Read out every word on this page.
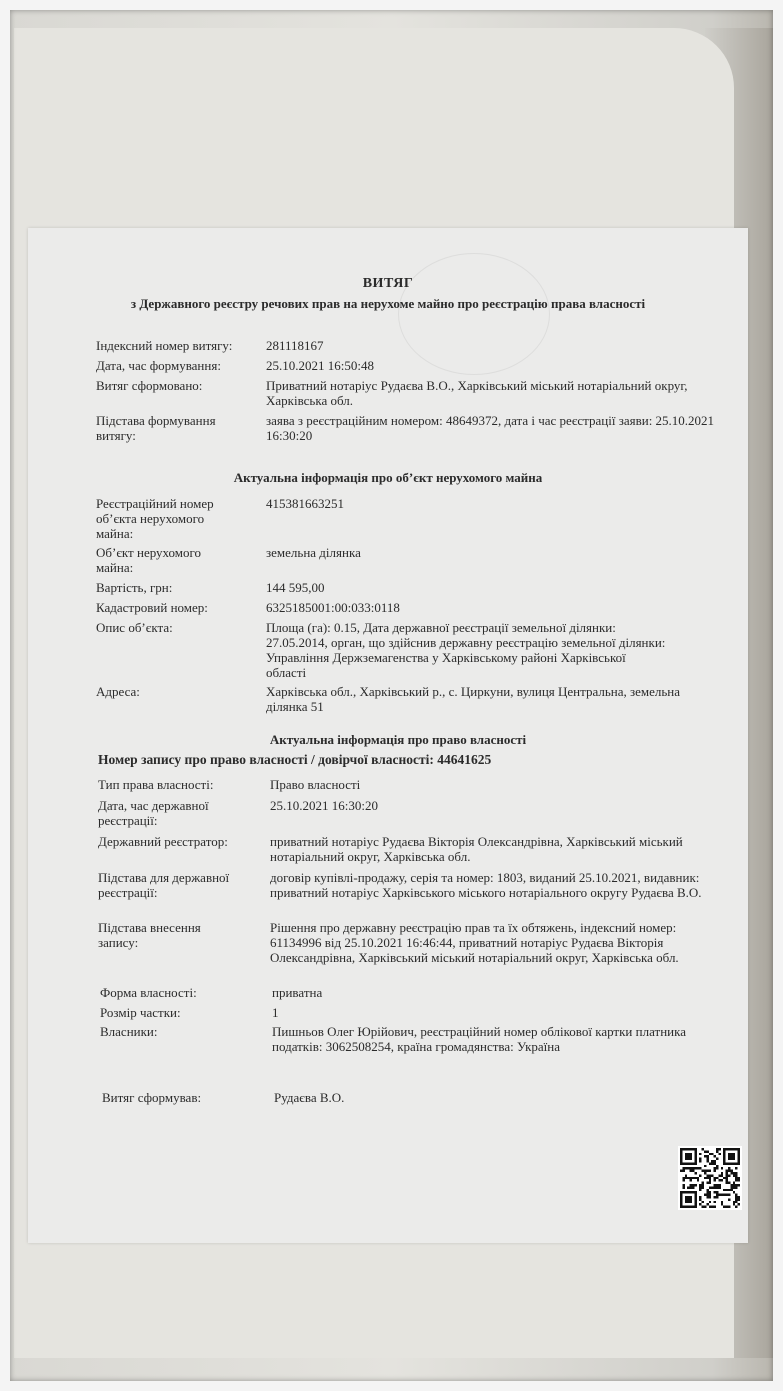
ВИТЯГ
з Державного реєстру речових прав на нерухоме майно про реєстрацію права власності
Індексний номер витягу:	281118167
Дата, час формування:	25.10.2021 16:50:48
Витяг сформовано:	Приватний нотаріус Рудаєва В.О., Харківський міський нотаріальний округ, Харківська обл.
Підстава формування витягу:
заява з реєстраційним номером: 48649372, дата і час реєстрації заяви: 25.10.2021 16:30:20
Актуальна інформація про об’єкт нерухомого майна
Реєстраційний номер об’єкта нерухомого майна:
415381663251
Об’єкт нерухомого майна:
земельна ділянка
Вартість, грн:	144 595,00
Кадастровий номер:	6325185001:00:033:0118
Опис об’єкта:	Площа (га): 0.15, Дата державної реєстрації земельної ділянки: 27.05.2014, орган, що здійснив державну реєстрацію земельної ділянки: Управління Держземагенства у Харківському районі Харківської області
Адреса:	Харківська обл., Харківський р., с. Циркуни, вулиця Центральна, земельна ділянка 51
Актуальна інформація про право власності
Номер запису про право власності / довірчої власності: 44641625
Тип права власності:	Право власності
Дата, час державної реєстрації:
25.10.2021 16:30:20
Державний реєстратор:	приватний нотаріус Рудаєва Вікторія Олександрівна, Харківський міський нотаріальний округ, Харківська обл.
Підстава для державної реєстрації:
договір купівлі-продажу, серія та номер: 1803, виданий 25.10.2021, видавник: приватний нотаріус Харківського міського нотаріального округу Рудаєва В.О.
Підстава внесення запису:
Рішення про державну реєстрацію прав та їх обтяжень, індексний номер: 61134996 від 25.10.2021 16:46:44, приватний нотаріус Рудаєва Вікторія Олександрівна, Харківський міський нотаріальний округ, Харківська обл.
Форма власності:	приватна
Розмір частки:	1
Власники:	Пишньов Олег Юрійович, реєстраційний номер облікової картки платника податків: 3062508254, країна громадянства: Україна
Витяг сформував:	Рудаєва В.О.
